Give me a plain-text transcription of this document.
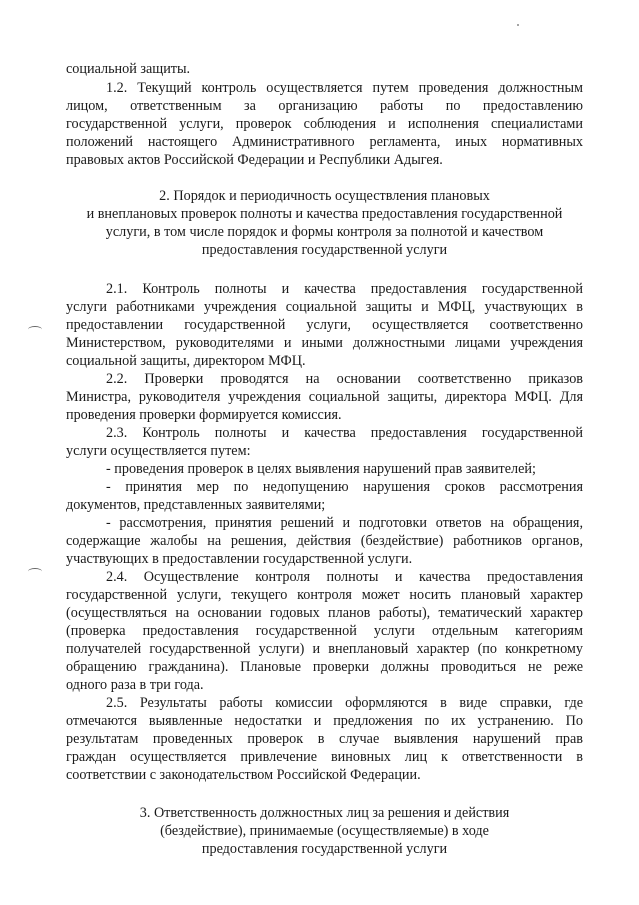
социальной защиты.

1.2. Текущий контроль осуществляется путем проведения должностным

лицом, ответственным за организацию работы по предоставлению

государственной услуги, проверок соблюдения и исполнения специалистами

положений настоящего Административного регламента, иных нормативных

правовых актов Российской Федерации и Республики Адыгея.

2. Порядок и периодичность осуществления плановых

и внеплановых проверок полноты и качества предоставления государственной

услуги, в том числе порядок и формы контроля за полнотой и качеством

предоставления государственной услуги

2.1. Контроль полноты и качества предоставления государственной

услуги работниками учреждения социальной защиты и МФЦ, участвующих в

предоставлении государственной услуги, осуществляется соответственно

Министерством, руководителями и иными должностными лицами учреждения

социальной защиты, директором МФЦ.

2.2. Проверки проводятся на основании соответственно приказов

Министра, руководителя учреждения социальной защиты, директора МФЦ. Для

проведения проверки формируется комиссия.

2.3. Контроль полноты и качества предоставления государственной

услуги осуществляется путем:

- проведения проверок в целях выявления нарушений прав заявителей;

- принятия мер по недопущению нарушения сроков рассмотрения

документов, представленных заявителями;

- рассмотрения, принятия решений и подготовки ответов на обращения,

содержащие жалобы на решения, действия (бездействие) работников органов,

участвующих в предоставлении государственной услуги.

2.4. Осуществление контроля полноты и качества предоставления

государственной услуги, текущего контроля может носить плановый характер

(осуществляться на основании годовых планов работы), тематический характер

(проверка предоставления государственной услуги отдельным категориям

получателей государственной услуги) и внеплановый характер (по конкретному

обращению гражданина). Плановые проверки должны проводиться не реже

одного раза в три года.

2.5. Результаты работы комиссии оформляются в виде справки, где

отмечаются выявленные недостатки и предложения по их устранению. По

результатам проведенных проверок в случае выявления нарушений прав

граждан осуществляется привлечение виновных лиц к ответственности в

соответствии с законодательством Российской Федерации.

3. Ответственность должностных лиц за решения и действия

(бездействие), принимаемые (осуществляемые) в ходе

предоставления государственной услуги
